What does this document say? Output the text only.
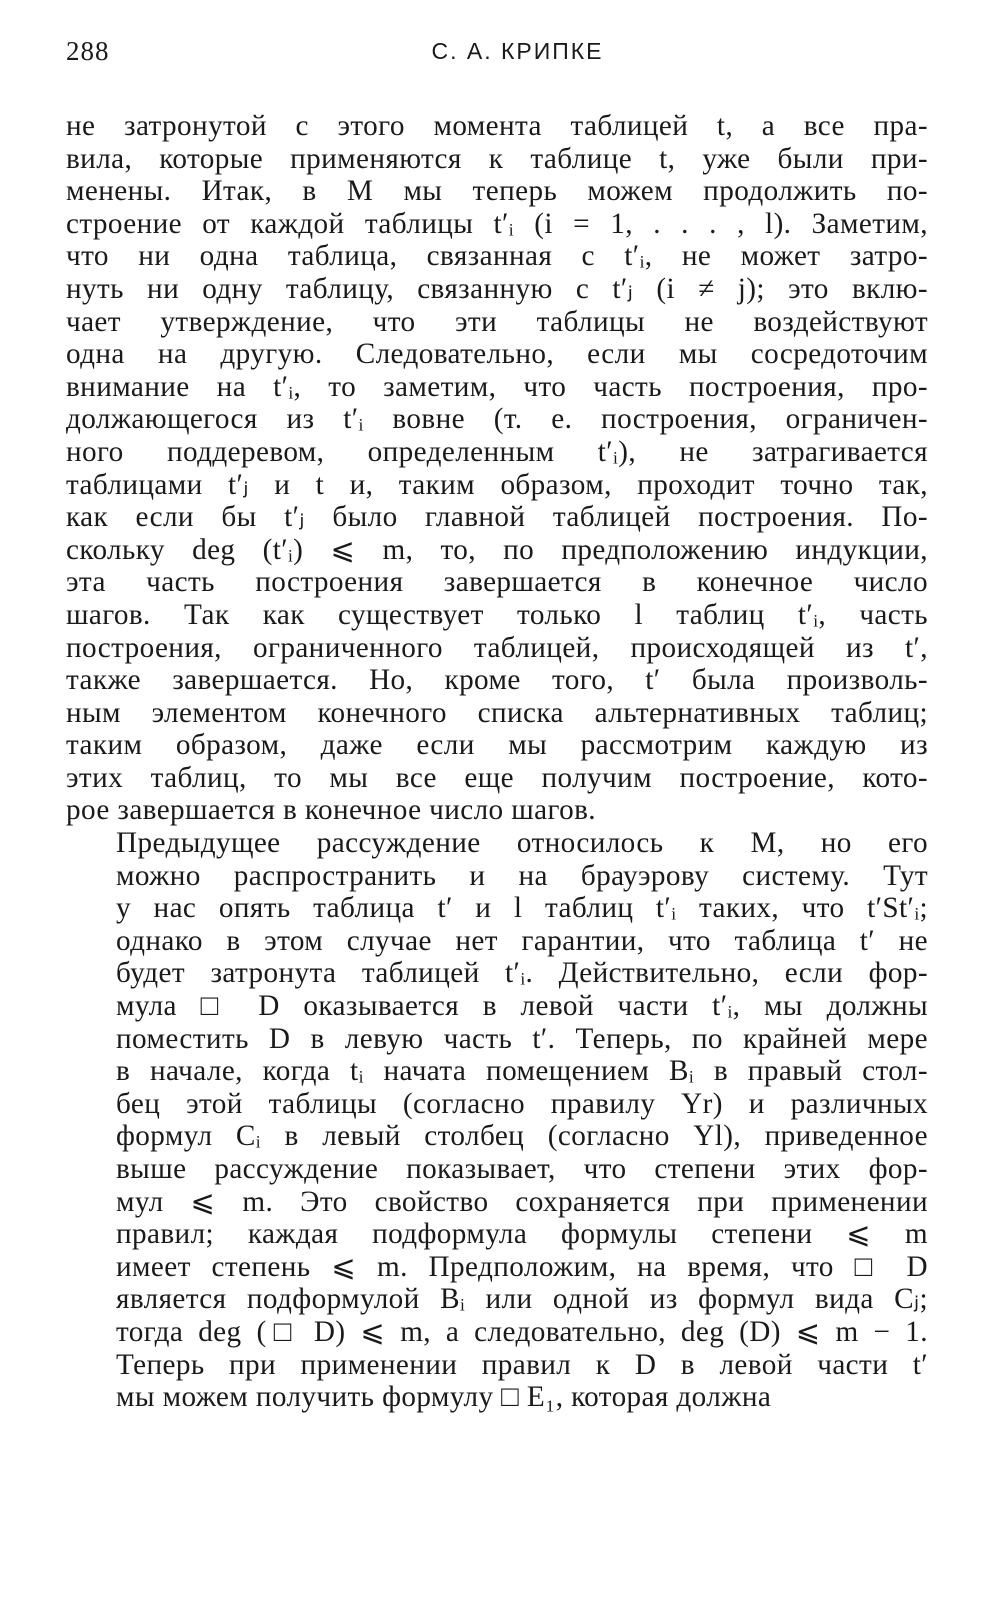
288	С. А. КРИПКЕ
не затронутой с этого момента таблицей t, а все пра-
вила, которые применяются к таблице t, уже были при-
менены. Итак, в M мы теперь можем продолжить по-
строение от каждой таблицы t′ᵢ (i = 1, . . . , l). Заметим,
что ни одна таблица, связанная с t′ᵢ, не может затро-
нуть ни одну таблицу, связанную с t′ⱼ (i ≠ j); это вклю-
чает утверждение, что эти таблицы не воздействуют
одна на другую. Следовательно, если мы сосредоточим
внимание на t′ᵢ, то заметим, что часть построения, про-
должающегося из t′ᵢ вовне (т. е. построения, ограничен-
ного поддеревом, определенным t′ᵢ), не затрагивается
таблицами t′ⱼ и t и, таким образом, проходит точно так,
как если бы t′ⱼ было главной таблицей построения. По-
скольку deg (t′ᵢ) ⩽ m, то, по предположению индукции,
эта часть построения завершается в конечное число
шагов. Так как существует только l таблиц t′ᵢ, часть
построения, ограниченного таблицей, происходящей из t′,
также завершается. Но, кроме того, t′ была произволь-
ным элементом конечного списка альтернативных таблиц;
таким образом, даже если мы рассмотрим каждую из
этих таблиц, то мы все еще получим построение, кото-
рое завершается в конечное число шагов.
Предыдущее рассуждение относилось к M, но его
можно распространить и на брауэрову систему. Тут
у нас опять таблица t′ и l таблиц t′ᵢ таких, что t′St′ᵢ;
однако в этом случае нет гарантии, что таблица t′ не
будет затронута таблицей t′ᵢ. Действительно, если фор-
мула □ D оказывается в левой части t′ᵢ, мы должны
поместить D в левую часть t′. Теперь, по крайней мере
в начале, когда tᵢ начата помещением Bᵢ в правый стол-
бец этой таблицы (согласно правилу Yr) и различных
формул Cᵢ в левый столбец (согласно Yl), приведенное
выше рассуждение показывает, что степени этих фор-
мул ⩽ m. Это свойство сохраняется при применении
правил; каждая подформула формулы степени ⩽ m
имеет степень ⩽ m. Предположим, на время, что □ D
является подформулой Bᵢ или одной из формул вида Cⱼ;
тогда deg (□ D) ⩽ m, а следовательно, deg (D) ⩽ m − 1.
Теперь при применении правил к D в левой части t′
мы можем получить формулу □ E₁, которая должна
